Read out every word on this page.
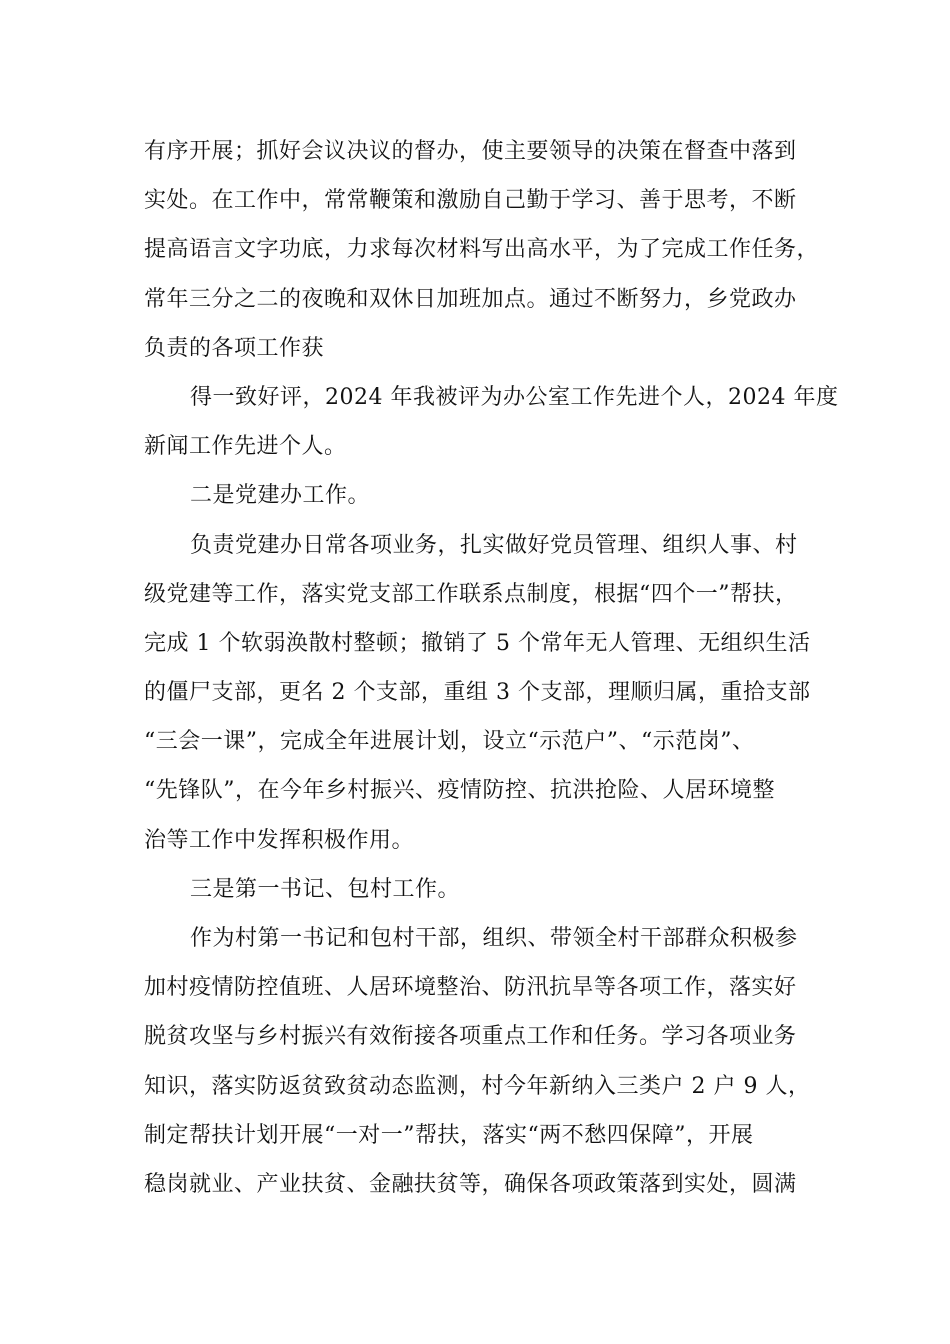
有序开展；抓好会议决议的督办，使主要领导的决策在督查中落到
实处。在工作中，常常鞭策和激励自己勤于学习、善于思考，不断
提高语言文字功底，力求每次材料写出高水平，为了完成工作任务，
常年三分之二的夜晚和双休日加班加点。通过不断努力，乡党政办
负责的各项工作获
得一致好评，2024 年我被评为办公室工作先进个人，2024 年度
新闻工作先进个人。
二是党建办工作。
负责党建办日常各项业务，扎实做好党员管理、组织人事、村
级党建等工作，落实党支部工作联系点制度，根据“四个一”帮扶，
完成 1 个软弱涣散村整顿；撤销了 5 个常年无人管理、无组织生活
的僵尸支部，更名 2 个支部，重组 3 个支部，理顺归属，重拾支部
“三会一课”，完成全年进展计划，设立“示范户”、“示范岗”、
“先锋队”，在今年乡村振兴、疫情防控、抗洪抢险、人居环境整
治等工作中发挥积极作用。
三是第一书记、包村工作。
作为村第一书记和包村干部，组织、带领全村干部群众积极参
加村疫情防控值班、人居环境整治、防汛抗旱等各项工作，落实好
脱贫攻坚与乡村振兴有效衔接各项重点工作和任务。学习各项业务
知识，落实防返贫致贫动态监测，村今年新纳入三类户 2 户 9 人，
制定帮扶计划开展“一对一”帮扶，落实“两不愁四保障”，开展
稳岗就业、产业扶贫、金融扶贫等，确保各项政策落到实处，圆满
